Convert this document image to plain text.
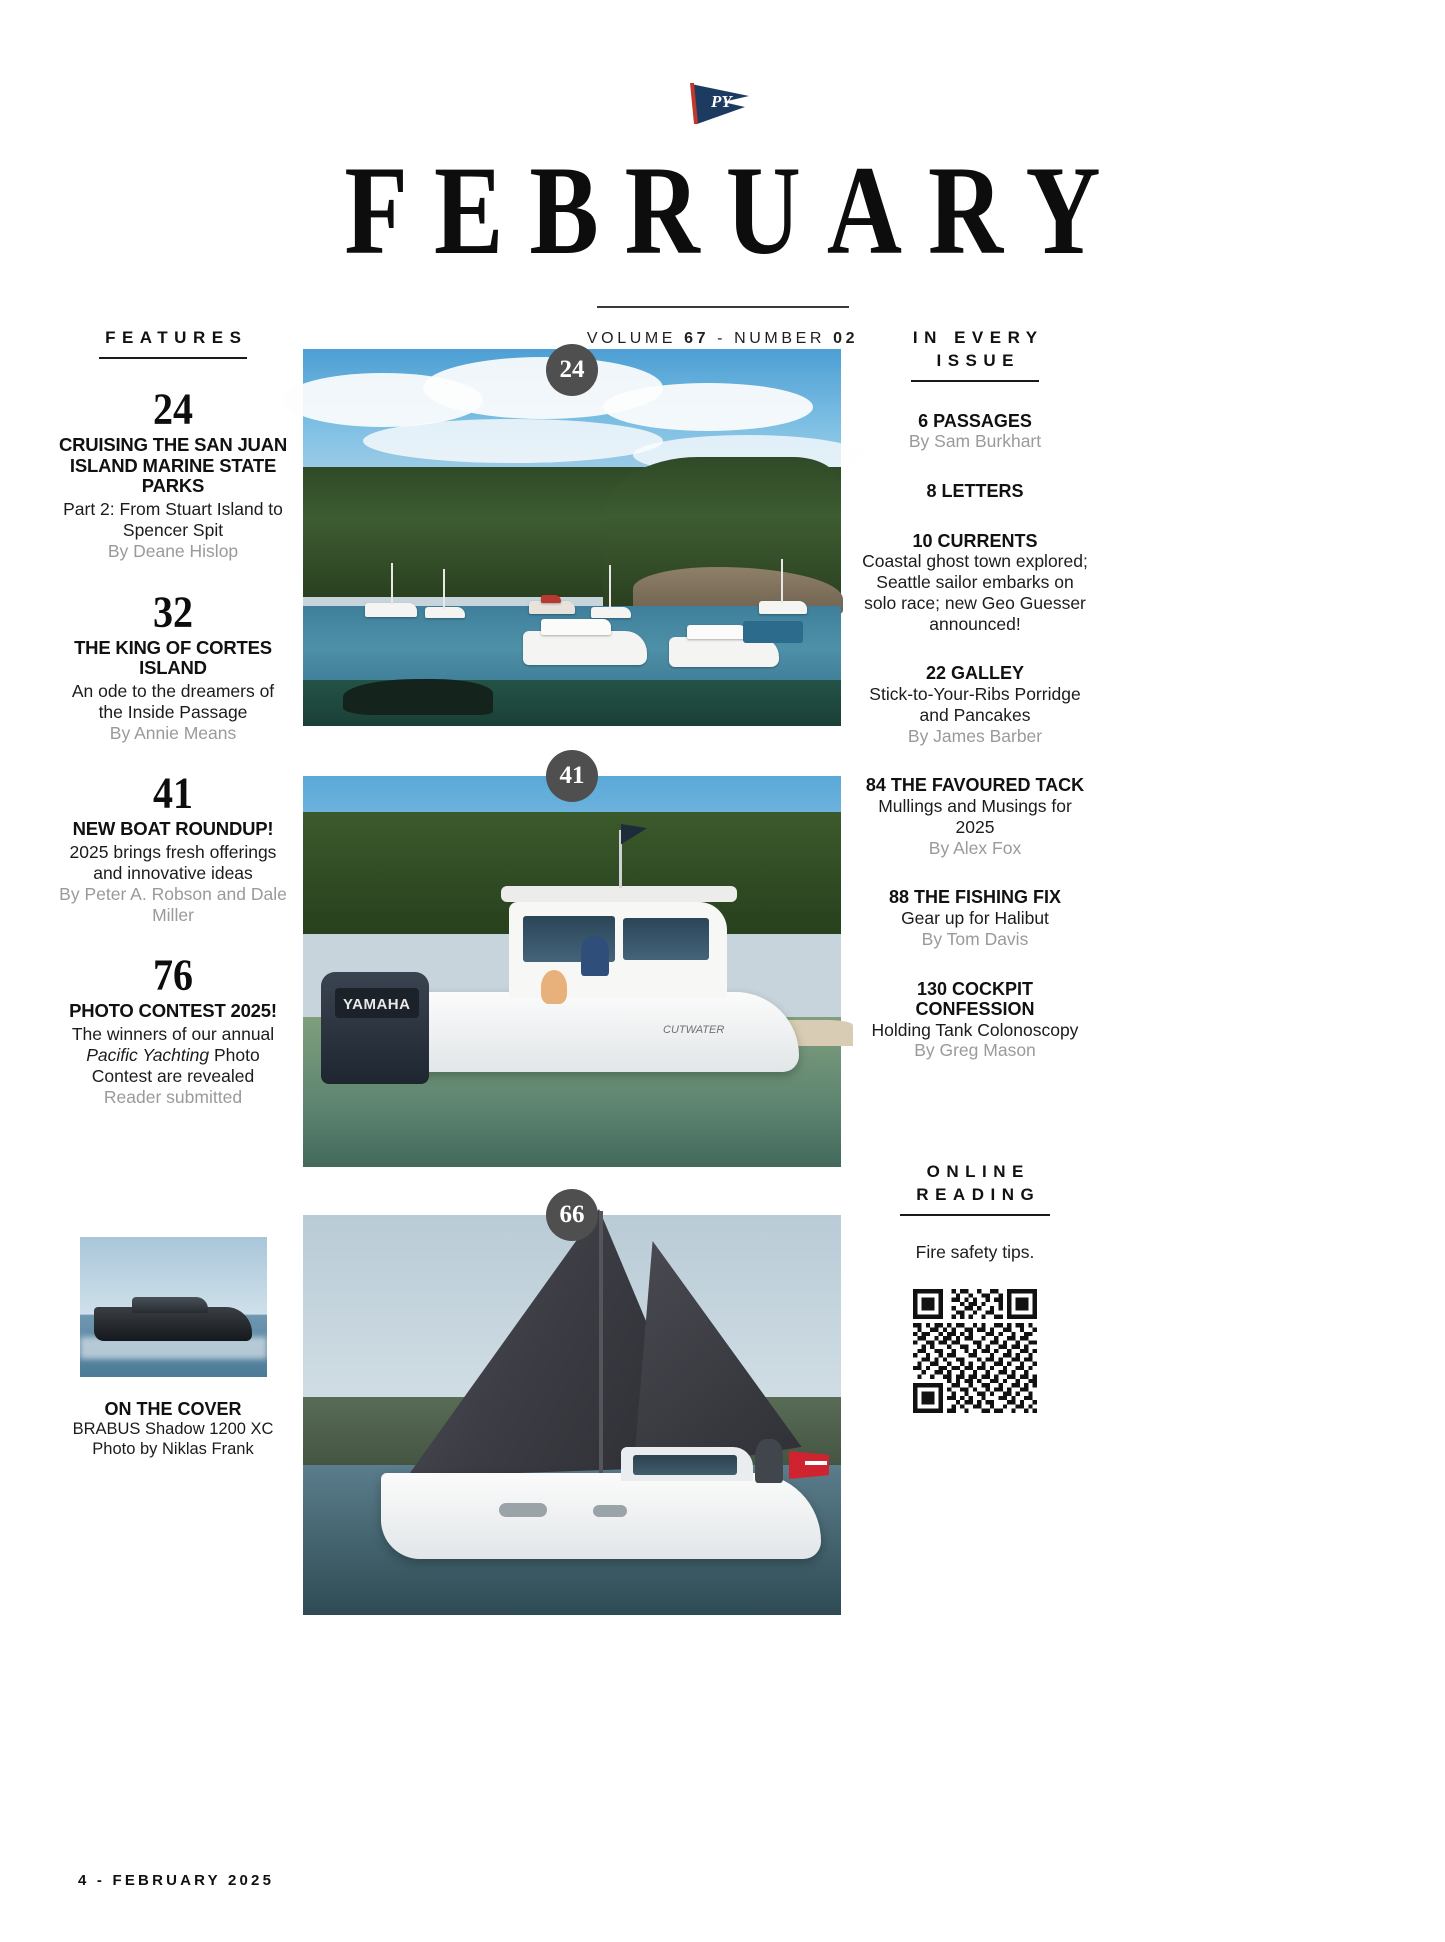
PY
FEBRUARY
VOLUME 67 - NUMBER 02
FEATURES
24
CRUISING THE SAN JUAN ISLAND MARINE STATE PARKS
Part 2: From Stuart Island to Spencer Spit
By Deane Hislop
32
THE KING OF CORTES ISLAND
An ode to the dreamers of the Inside Passage
By Annie Means
41
NEW BOAT ROUNDUP!
2025 brings fresh offerings and innovative ideas
By Peter A. Robson and Dale Miller
76
PHOTO CONTEST 2025!
The winners of our annual Pacific Yachting Photo Contest are revealed
Reader submitted
ON THE COVER
BRABUS Shadow 1200 XC
Photo by Niklas Frank
24
YAMAHA
CUTWATER
41
66
IN EVERY
ISSUE
6 PASSAGES
By Sam Burkhart
8 LETTERS
10 CURRENTS
Coastal ghost town explored; Seattle sailor embarks on solo race; new Geo Guesser announced!
22 GALLEY
Stick-to-Your-Ribs Porridge and Pancakes
By James Barber
84 THE FAVOURED TACK
Mullings and Musings for 2025
By Alex Fox
88 THE FISHING FIX
Gear up for Halibut
By Tom Davis
130 COCKPIT CONFESSION
Holding Tank Colonoscopy
By Greg Mason
ONLINE
READING
Fire safety tips.
4 - FEBRUARY 2025
